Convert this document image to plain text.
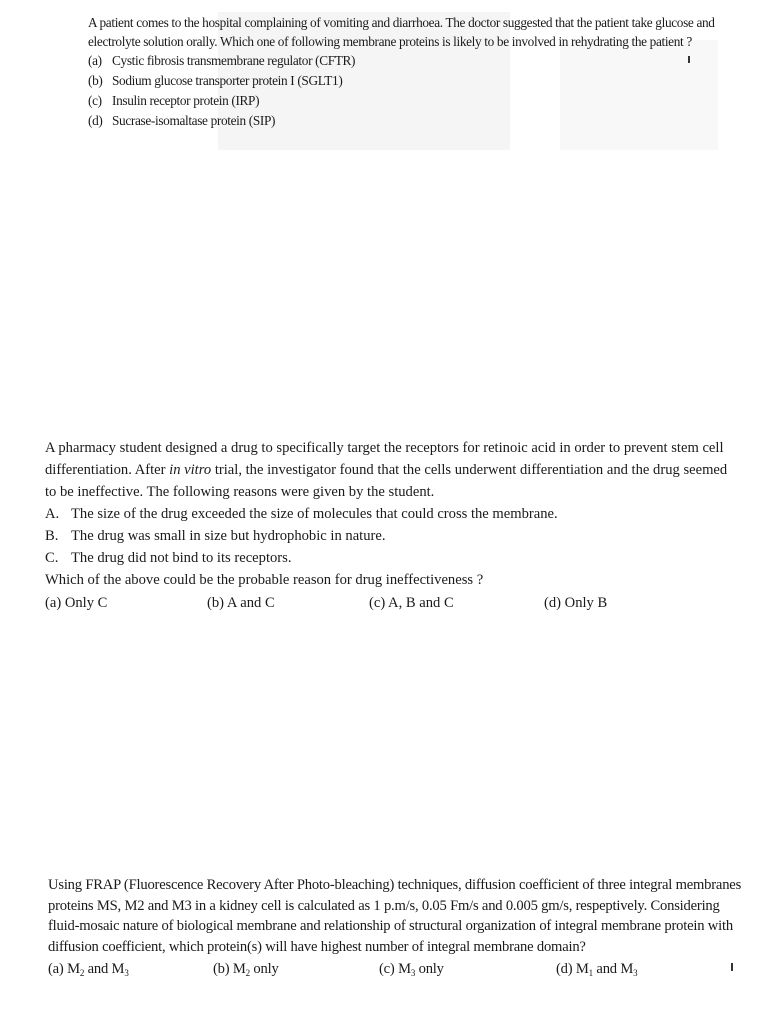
A patient comes to the hospital complaining of vomiting and diarrhoea. The doctor suggested that the patient take glucose and electrolyte solution orally. Which one of following membrane proteins is likely to be involved in rehydrating the patient ?

(a) Cystic fibrosis transmembrane regulator (CFTR)
(b) Sodium glucose transporter protein I (SGLT1)
(c) Insulin receptor protein (IRP)
(d) Sucrase-isomaltase protein (SIP)

A pharmacy student designed a drug to specifically target the receptors for retinoic acid in order to prevent stem cell differentiation. After in vitro trial, the investigator found that the cells underwent differentiation and the drug seemed to be ineffective. The following reasons were given by the student.

A. The size of the drug exceeded the size of molecules that could cross the membrane.
B. The drug was small in size but hydrophobic in nature.
C. The drug did not bind to its receptors.

Which of the above could be the probable reason for drug ineffectiveness ?

(a) Only C	(b) A and C	(c) A, B and C	(d) Only B

Using FRAP (Fluorescence Recovery After Photo-bleaching) techniques, diffusion coefficient of three integral membranes proteins MS, M2 and M3 in a kidney cell is calculated as 1 p.m/s, 0.05 Fm/s and 0.005 gm/s, respeptively. Considering fluid-mosaic nature of biological membrane and relationship of structural organization of integral membrane protein with diffusion coefficient, which protein(s) will have highest number of integral membrane domain?

(a) $M_2$ and $M_3$	(b) $M_2$ only	(c) $M_3$ only	(d) $M_1$ and $M_3$
